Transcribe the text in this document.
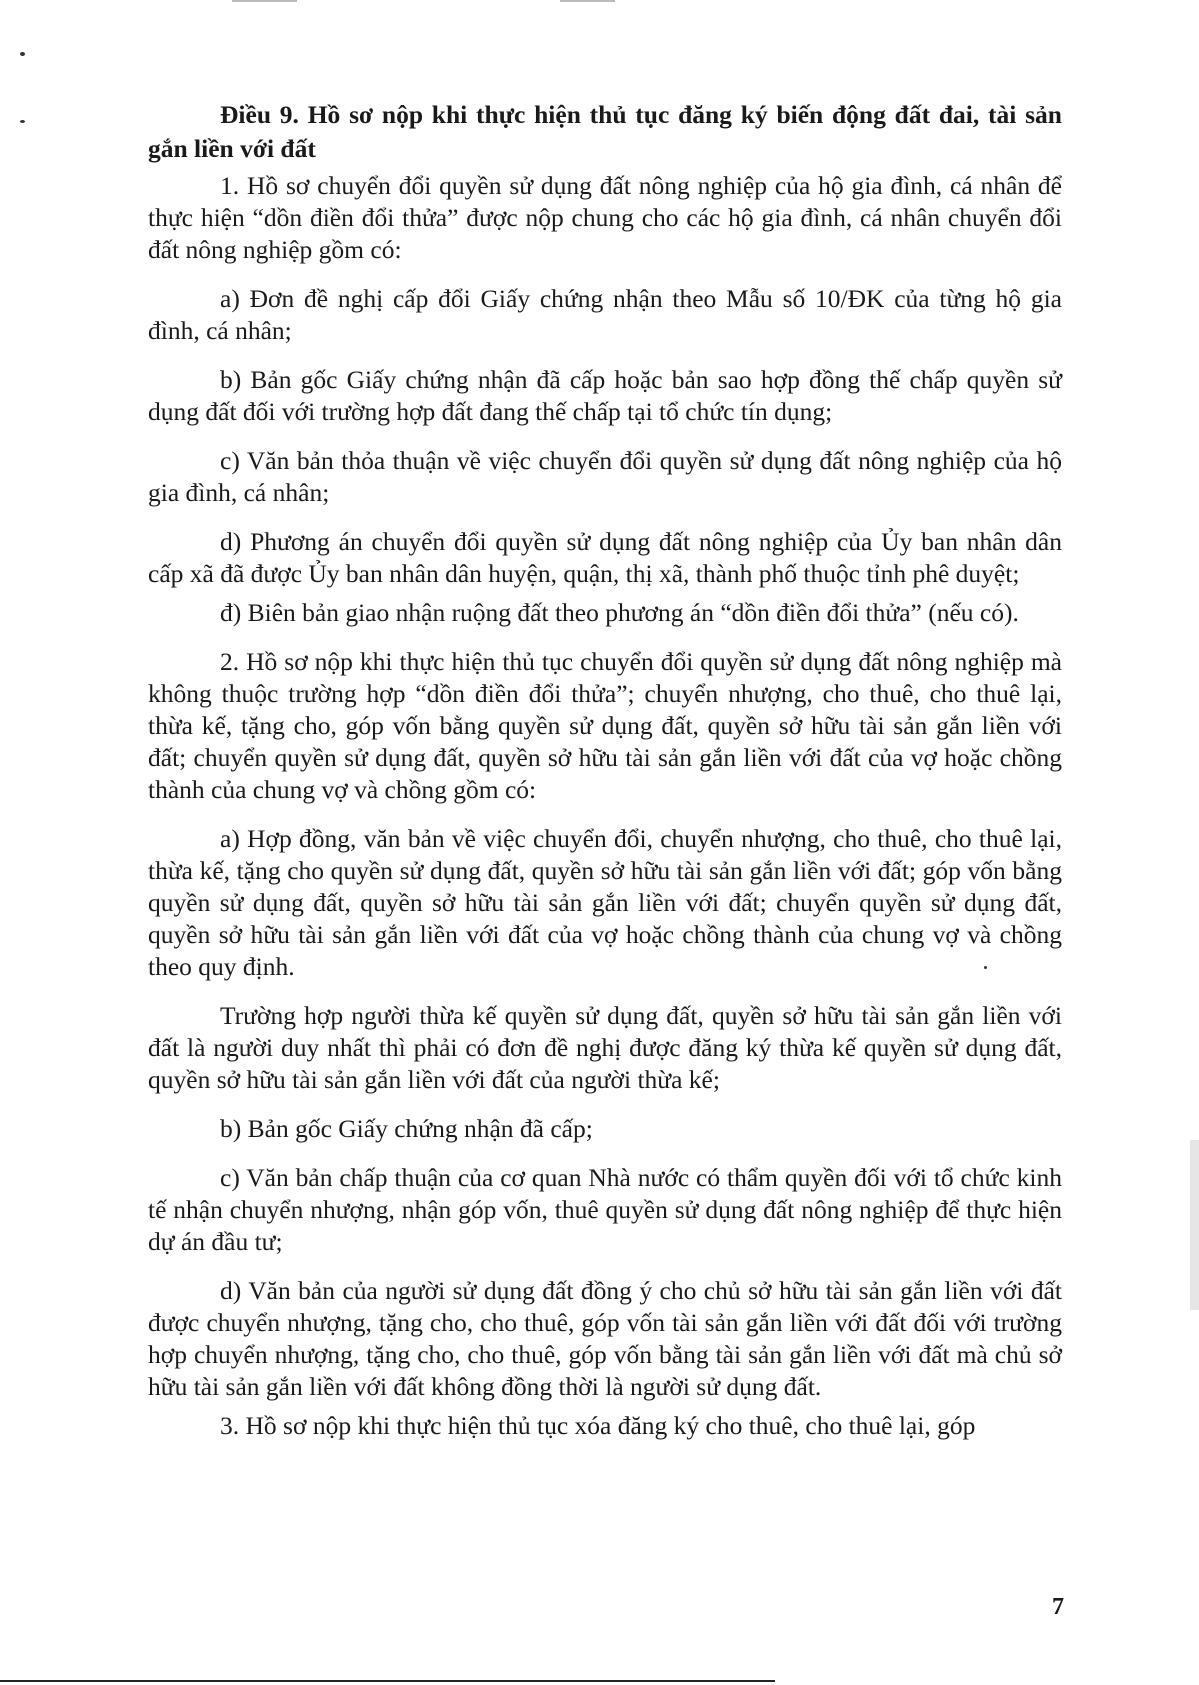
Điều 9. Hồ sơ nộp khi thực hiện thủ tục đăng ký biến động đất đai, tài sản gắn liền với đất

1. Hồ sơ chuyển đổi quyền sử dụng đất nông nghiệp của hộ gia đình, cá nhân để thực hiện “dồn điền đổi thửa” được nộp chung cho các hộ gia đình, cá nhân chuyển đổi đất nông nghiệp gồm có:

a) Đơn đề nghị cấp đổi Giấy chứng nhận theo Mẫu số 10/ĐK của từng hộ gia đình, cá nhân;

b) Bản gốc Giấy chứng nhận đã cấp hoặc bản sao hợp đồng thế chấp quyền sử dụng đất đối với trường hợp đất đang thế chấp tại tổ chức tín dụng;

c) Văn bản thỏa thuận về việc chuyển đổi quyền sử dụng đất nông nghiệp của hộ gia đình, cá nhân;

d) Phương án chuyển đổi quyền sử dụng đất nông nghiệp của Ủy ban nhân dân cấp xã đã được Ủy ban nhân dân huyện, quận, thị xã, thành phố thuộc tỉnh phê duyệt;

đ) Biên bản giao nhận ruộng đất theo phương án “dồn điền đổi thửa” (nếu có).

2. Hồ sơ nộp khi thực hiện thủ tục chuyển đổi quyền sử dụng đất nông nghiệp mà không thuộc trường hợp “dồn điền đổi thửa”; chuyển nhượng, cho thuê, cho thuê lại, thừa kế, tặng cho, góp vốn bằng quyền sử dụng đất, quyền sở hữu tài sản gắn liền với đất; chuyển quyền sử dụng đất, quyền sở hữu tài sản gắn liền với đất của vợ hoặc chồng thành của chung vợ và chồng gồm có:

a) Hợp đồng, văn bản về việc chuyển đổi, chuyển nhượng, cho thuê, cho thuê lại, thừa kế, tặng cho quyền sử dụng đất, quyền sở hữu tài sản gắn liền với đất; góp vốn bằng quyền sử dụng đất, quyền sở hữu tài sản gắn liền với đất; chuyển quyền sử dụng đất, quyền sở hữu tài sản gắn liền với đất của vợ hoặc chồng thành của chung vợ và chồng theo quy định.

Trường hợp người thừa kế quyền sử dụng đất, quyền sở hữu tài sản gắn liền với đất là người duy nhất thì phải có đơn đề nghị được đăng ký thừa kế quyền sử dụng đất, quyền sở hữu tài sản gắn liền với đất của người thừa kế;

b) Bản gốc Giấy chứng nhận đã cấp;

c) Văn bản chấp thuận của cơ quan Nhà nước có thẩm quyền đối với tổ chức kinh tế nhận chuyển nhượng, nhận góp vốn, thuê quyền sử dụng đất nông nghiệp để thực hiện dự án đầu tư;

d) Văn bản của người sử dụng đất đồng ý cho chủ sở hữu tài sản gắn liền với đất được chuyển nhượng, tặng cho, cho thuê, góp vốn tài sản gắn liền với đất đối với trường hợp chuyển nhượng, tặng cho, cho thuê, góp vốn bằng tài sản gắn liền với đất mà chủ sở hữu tài sản gắn liền với đất không đồng thời là người sử dụng đất.

3. Hồ sơ nộp khi thực hiện thủ tục xóa đăng ký cho thuê, cho thuê lại, góp

7
